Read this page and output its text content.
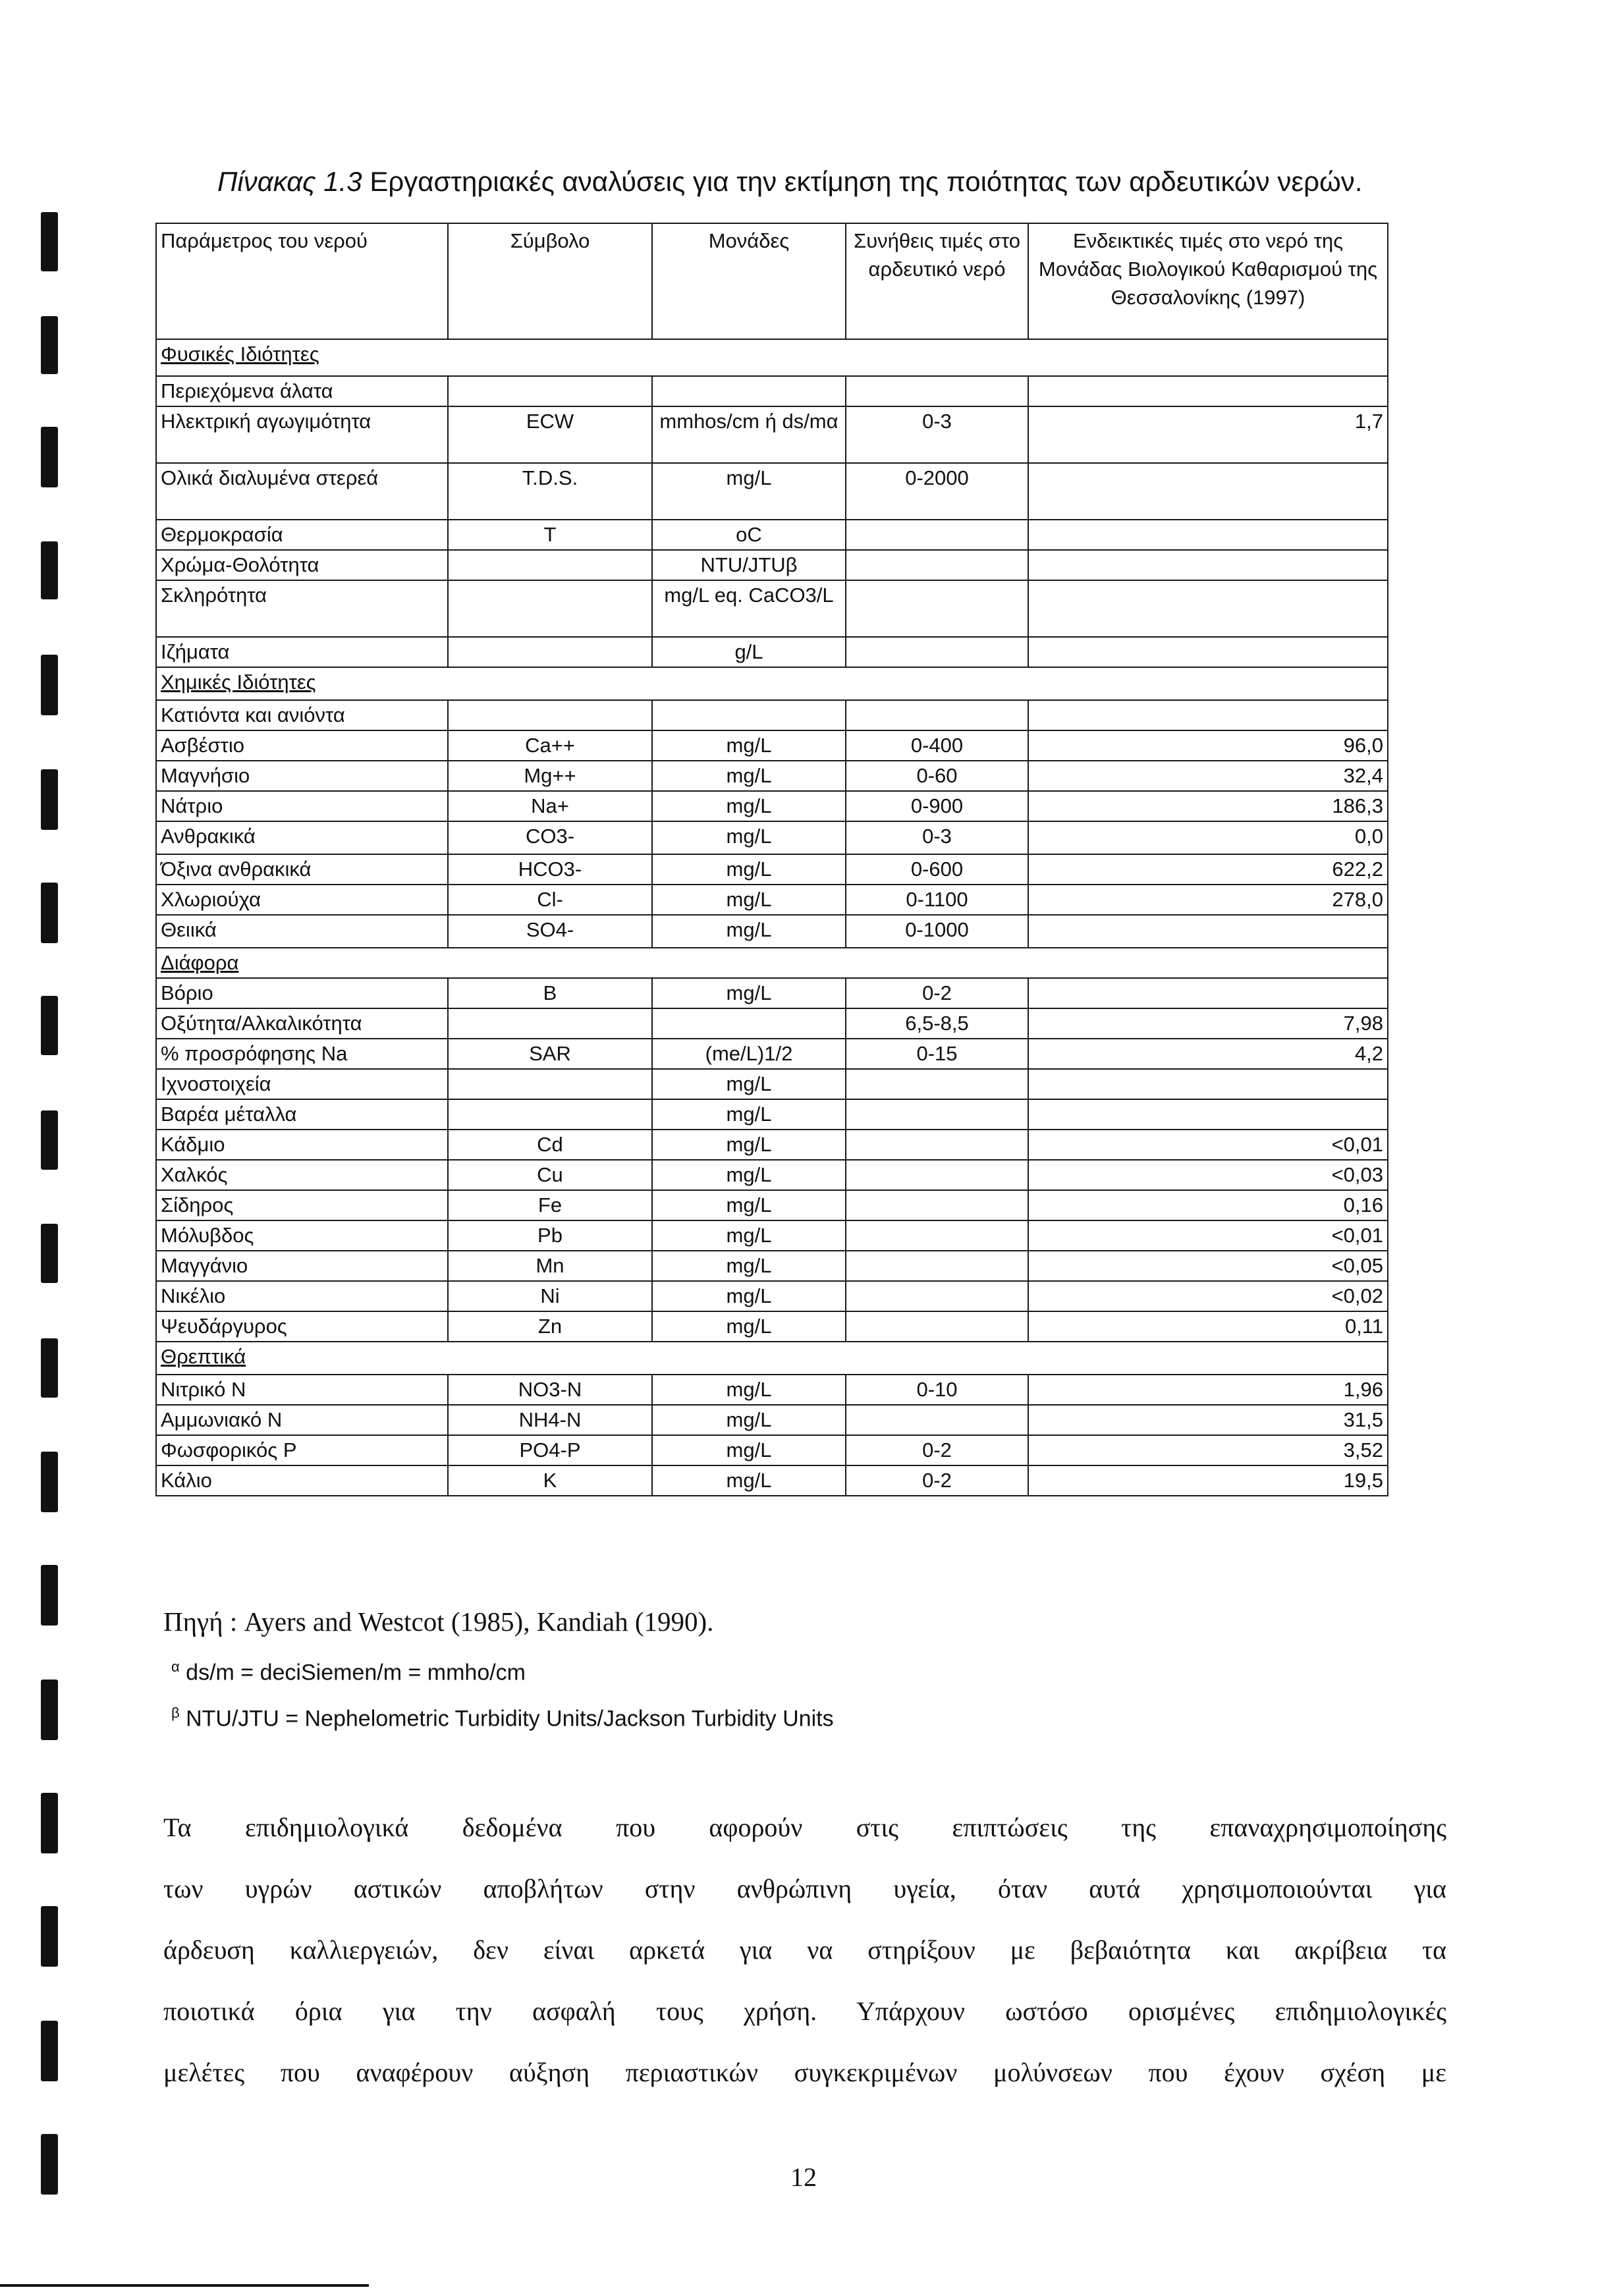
Πίνακας 1.3 Εργαστηριακές αναλύσεις για την εκτίμηση της ποιότητας των αρδευτικών νερών.
Παράμετρος του νερού	Σύμβολο	Μονάδες	Συνήθεις τιμές στο αρδευτικό νερό	Ενδεικτικές τιμές στο νερό της Μονάδας Βιολογικού Καθαρισμού της Θεσσαλονίκης (1997)
Φυσικές Ιδιότητες				
Περιεχόμενα άλατα				
Ηλεκτρική αγωγιμότητα	ECW	mmhos/cm ή ds/mα	0-3	1,7
Ολικά διαλυμένα στερεά	T.D.S.	mg/L	0-2000	
Θερμοκρασία	T	oC		
Χρώμα-Θολότητα		NTU/JTUβ		
Σκληρότητα		mg/L eq. CaCO3/L		
Ιζήματα		g/L		
Χημικές Ιδιότητες				
Κατιόντα και ανιόντα				
Ασβέστιο	Ca++	mg/L	0-400	96,0
Μαγνήσιο	Mg++	mg/L	0-60	32,4
Νάτριο	Na+	mg/L	0-900	186,3
Ανθρακικά	CO3-	mg/L	0-3	0,0
Όξινα ανθρακικά	HCO3-	mg/L	0-600	622,2
Χλωριούχα	Cl-	mg/L	0-1100	278,0
Θειικά	SO4-	mg/L	0-1000	
Διάφορα				
Βόριο	B	mg/L	0-2	
Οξύτητα/Αλκαλικότητα			6,5-8,5	7,98
% προσρόφησης Na	SAR	(me/L)1/2	0-15	4,2
Ιχνοστοιχεία		mg/L		
Βαρέα μέταλλα		mg/L		
Κάδμιο	Cd	mg/L		<0,01
Χαλκός	Cu	mg/L		<0,03
Σίδηρος	Fe	mg/L		0,16
Μόλυβδος	Pb	mg/L		<0,01
Μαγγάνιο	Mn	mg/L		<0,05
Νικέλιο	Ni	mg/L		<0,02
Ψευδάργυρος	Zn	mg/L		0,11
Θρεπτικά				
Νιτρικό N	NO3-N	mg/L	0-10	1,96
Αμμωνιακό N	NH4-N	mg/L		31,5
Φωσφορικός P	PO4-P	mg/L	0-2	3,52
Κάλιο	K	mg/L	0-2	19,5
Πηγή : Ayers and Westcot (1985), Kandiah (1990).
$^\alpha$ ds/m = deciSiemen/m = mmho/cm
$^\beta$ NTU/JTU = Nephelometric Turbidity Units/Jackson Turbidity Units
Τα επιδημιολογικά δεδομένα που αφορούν στις επιπτώσεις της επαναχρησιμοποίησης
των υγρών αστικών αποβλήτων στην ανθρώπινη υγεία, όταν αυτά χρησιμοποιούνται για
άρδευση καλλιεργειών, δεν είναι αρκετά για να στηρίξουν με βεβαιότητα και ακρίβεια τα
ποιοτικά όρια για την ασφαλή τους χρήση. Υπάρχουν ωστόσο ορισμένες επιδημιολογικές
μελέτες που αναφέρουν αύξηση περιαστικών συγκεκριμένων μολύνσεων που έχουν σχέση με
12
